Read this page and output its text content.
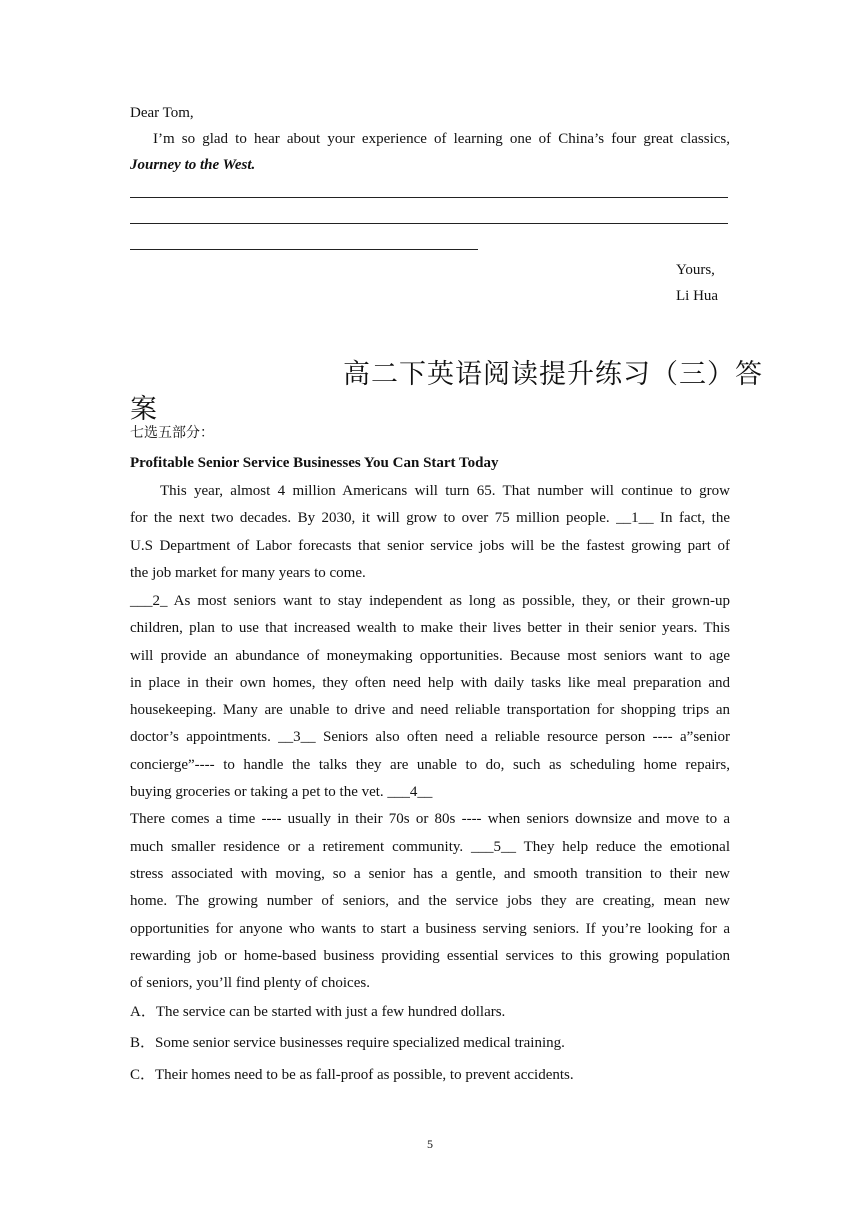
Dear Tom,
I’m so glad to hear about your experience of learning one of China’s four great classics,
Journey to the West.
Yours,
Li Hua
高二下英语阅读提升练习（三）答
案
七选五部分：
Profitable Senior Service Businesses You Can Start Today
This year, almost 4 million Americans will turn 65. That number will continue to grow
for the next two decades. By 2030, it will grow to over 75 million people. __1__ In fact, the
U.S Department of Labor forecasts that senior service jobs will be the fastest growing part of
the job market for many years to come.
___2_ As most seniors want to stay independent as long as possible, they, or their grown-up
children, plan to use that increased wealth to make their lives better in their senior years. This
will provide an abundance of moneymaking opportunities. Because most seniors want to age
in place in their own homes, they often need help with daily tasks like meal preparation and
housekeeping. Many are unable to drive and need reliable transportation for shopping trips an
doctor’s appointments. __3__ Seniors also often need a reliable resource person ---- a”senior
concierge”---- to handle the talks they are unable to do, such as scheduling home repairs,
buying groceries or taking a pet to the vet. ___4__
There comes a time ---- usually in their 70s or 80s ---- when seniors downsize and move to a
much smaller residence or a retirement community. ___5__ They help reduce the emotional
stress associated with moving, so a senior has a gentle, and smooth transition to their new
home. The growing number of seniors, and the service jobs they are creating, mean new
opportunities for anyone who wants to start a business serving seniors. If you’re looking for a
rewarding job or home-based business providing essential services to this growing population
of seniors, you’ll find plenty of choices.
A．The service can be started with just a few hundred dollars.
B．Some senior service businesses require specialized medical training.
C．Their homes need to be as fall-proof as possible, to prevent accidents.
5
